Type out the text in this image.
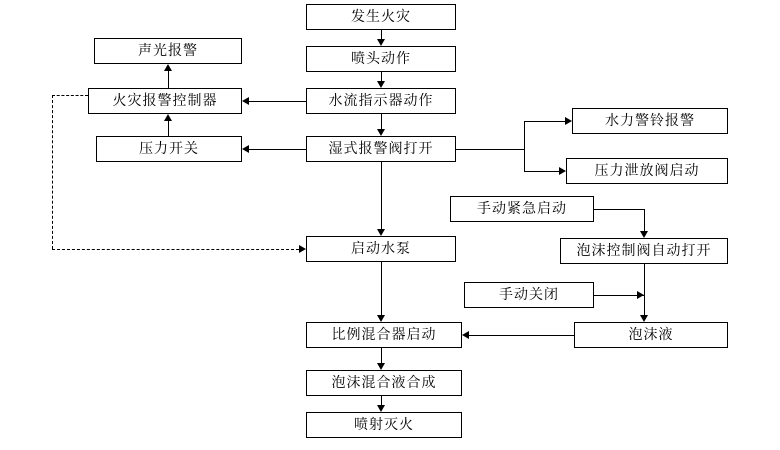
发生火灾
喷头动作
声光报警
水流指示器动作
火灾报警控制器
湿式报警阀打开
压力开关
水力警铃报警
压力泄放阀启动
手动紧急启动
泡沫控制阀自动打开
启动水泵
手动关闭
泡沫液
比例混合器启动
泡沫混合液合成
喷射灭火
